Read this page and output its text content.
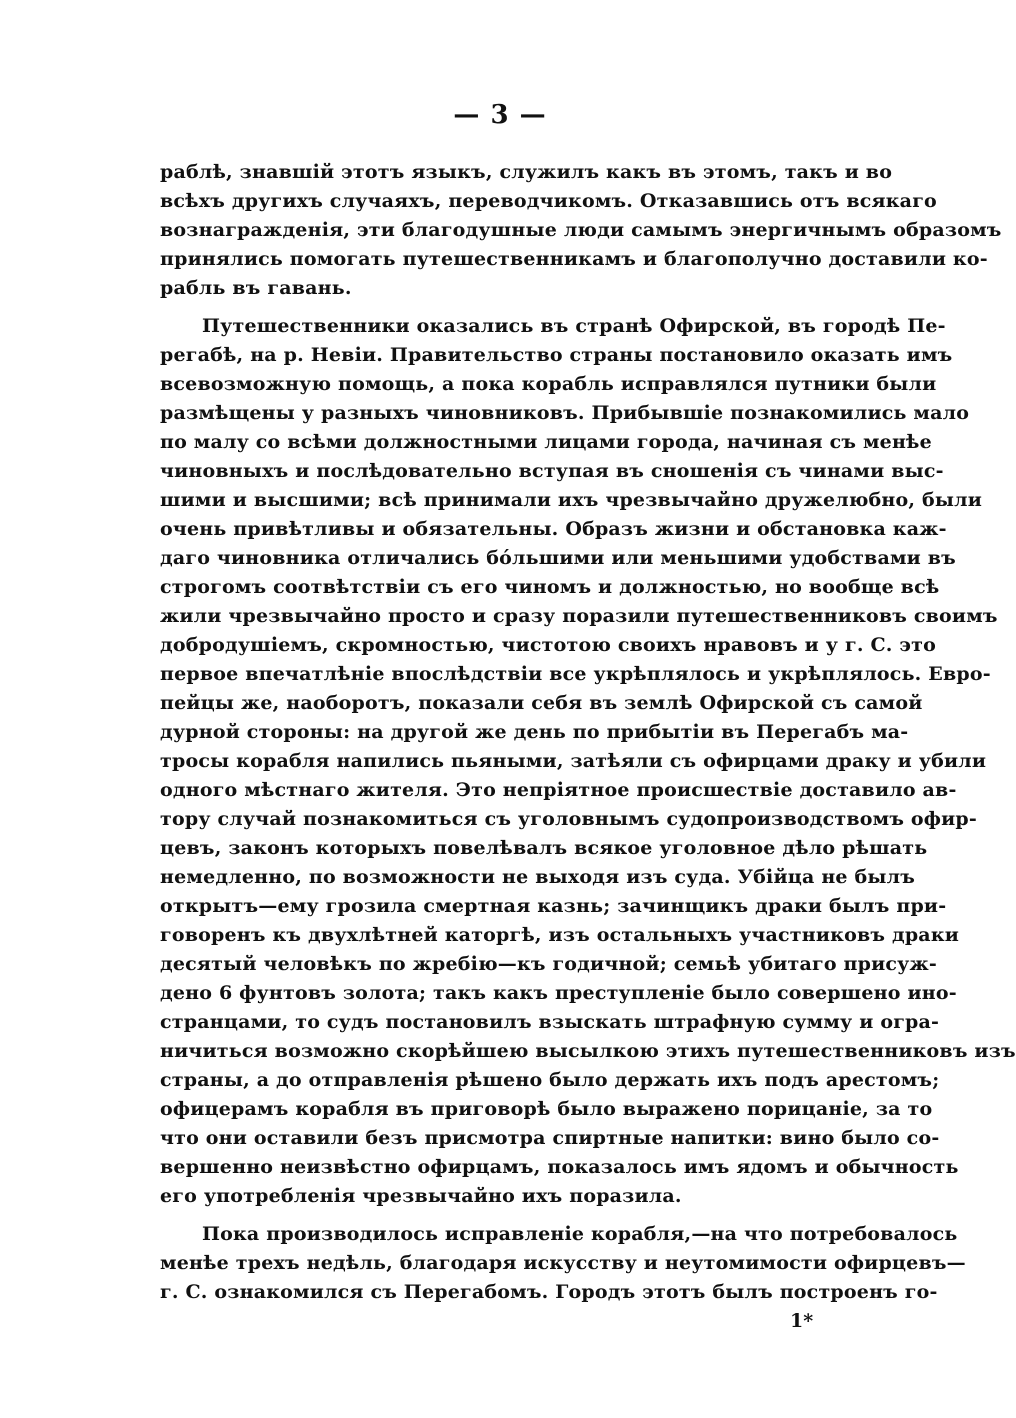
— 3 —
раблѣ, знавшій этотъ языкъ, служилъ какъ въ этомъ, такъ и во
всѣхъ другихъ случаяхъ, переводчикомъ. Отказавшись отъ всякаго
вознагражденія, эти благодушные люди самымъ энергичнымъ образомъ
принялись помогать путешественникамъ и благополучно доставили ко-
рабль въ гавань.
Путешественники оказались въ странѣ Офирской, въ городѣ Пе-
регабѣ, на р. Невіи. Правительство страны постановило оказать имъ
всевозможную помощь, а пока корабль исправлялся путники были
размѣщены у разныхъ чиновниковъ. Прибывшіе познакомились мало
по малу со всѣми должностными лицами города, начиная съ менѣе
чиновныхъ и послѣдовательно вступая въ сношенія съ чинами выс-
шими и высшими; всѣ принимали ихъ чрезвычайно дружелюбно, были
очень привѣтливы и обязательны. Образъ жизни и обстановка каж-
даго чиновника отличались бóльшими или меньшими удобствами въ
строгомъ соотвѣтствіи съ его чиномъ и должностью, но вообще всѣ
жили чрезвычайно просто и сразу поразили путешественниковъ своимъ
добродушіемъ, скромностью, чистотою своихъ нравовъ и у г. С. это
первое впечатлѣніе впослѣдствіи все укрѣплялось и укрѣплялось. Евро-
пейцы же, наоборотъ, показали себя въ землѣ Офирской съ самой
дурной стороны: на другой же день по прибытіи въ Перегабъ ма-
тросы корабля напились пьяными, затѣяли съ офирцами драку и убили
одного мѣстнаго жителя. Это непріятное происшествіе доставило ав-
тору случай познакомиться съ уголовнымъ судопроизводствомъ офир-
цевъ, законъ которыхъ повелѣвалъ всякое уголовное дѣло рѣшать
немедленно, по возможности не выходя изъ суда. Убійца не былъ
открытъ—ему грозила смертная казнь; зачинщикъ драки былъ при-
говоренъ къ двухлѣтней каторгѣ, изъ остальныхъ участниковъ драки
десятый человѣкъ по жребію—къ годичной; семьѣ убитаго присуж-
дено 6 фунтовъ золота; такъ какъ преступленіе было совершено ино-
странцами, то судъ постановилъ взыскать штрафную сумму и огра-
ничиться возможно скорѣйшею высылкою этихъ путешественниковъ изъ
страны, а до отправленія рѣшено было держать ихъ подъ арестомъ;
офицерамъ корабля въ приговорѣ было выражено порицаніе, за то
что они оставили безъ присмотра спиртные напитки: вино было со-
вершенно неизвѣстно офирцамъ, показалось имъ ядомъ и обычность
его употребленія чрезвычайно ихъ поразила.
Пока производилось исправленіе корабля,—на что потребовалось
менѣе трехъ недѣль, благодаря искусству и неутомимости офирцевъ—
г. С. ознакомился съ Перегабомъ. Городъ этотъ былъ построенъ го-
1*
